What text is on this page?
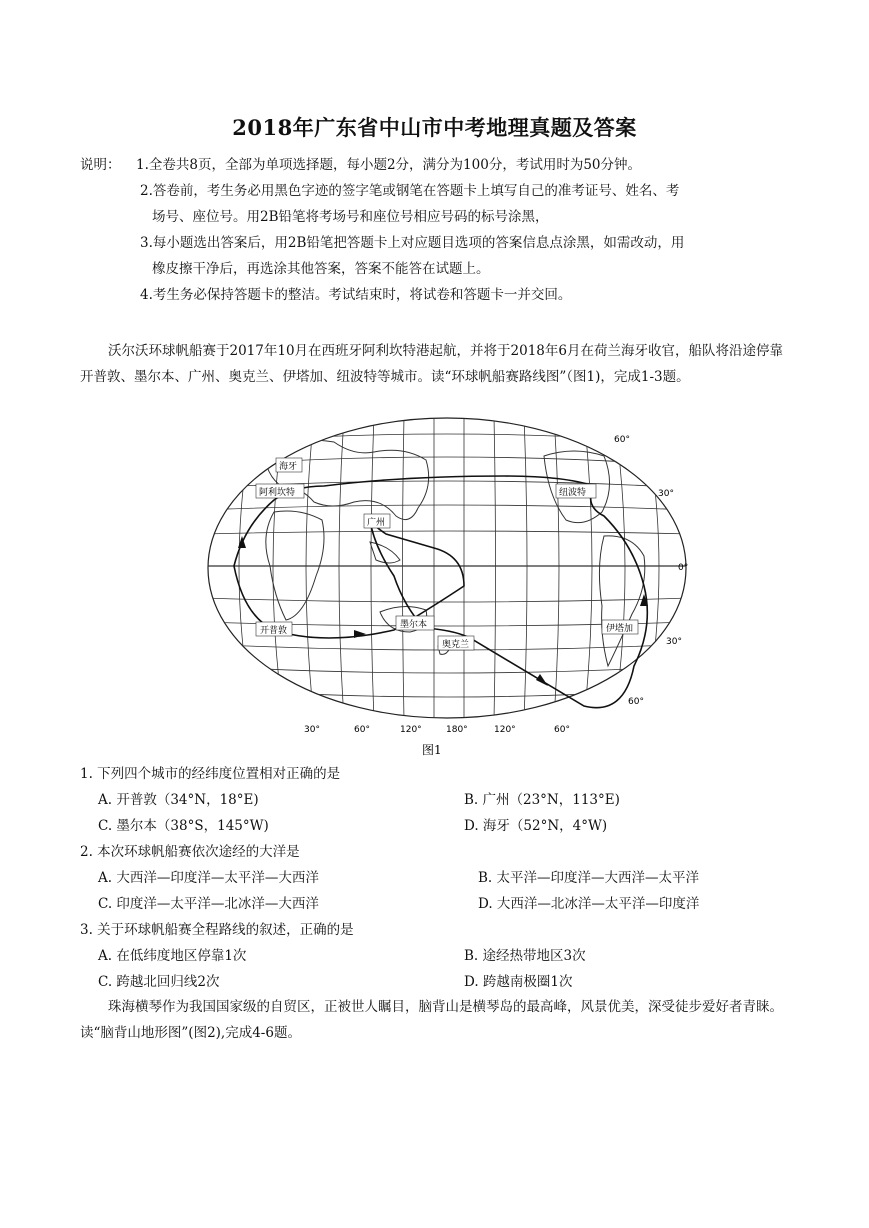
2018年广东省中山市中考地理真题及答案
说明： 1.全卷共8页，全部为单项选择题，每小题2分，满分为100分，考试用时为50分钟。
2.答卷前，考生务必用黑色字迹的签字笔或钢笔在答题卡上填写自己的准考证号、姓名、考
场号、座位号。用2B铅笔将考场号和座位号相应号码的标号涂黑，
3.每小题选出答案后，用2B铅笔把答题卡上对应题目选项的答案信息点涂黑，如需改动，用
橡皮擦干净后，再选涂其他答案，答案不能答在试题上。
4.考生务必保持答题卡的整洁。考试结束时，将试卷和答题卡一并交回。
沃尔沃环球帆船赛于2017年10月在西班牙阿利坎特港起航，并将于2018年6月在荷兰海牙收官，船队将沿途停靠开普敦、墨尔本、广州、奥克兰、伊塔加、纽波特等城市。读“环球帆船赛路线图”（图1)，完成1-3题。
海牙
阿利坎特
广州
纽波特
开普敦
墨尔本
奥克兰
伊塔加
60°
30°
0°
30°
60°
30°	60°	120°	180°	120°	60°
图1
1. 下列四个城市的经纬度位置相对正确的是
A. 开普敦（34°N，18°E)	B. 广州（23°N，113°E)
C. 墨尔本（38°S，145°W)	D. 海牙（52°N，4°W)
2. 本次环球帆船赛依次途经的大洋是
A. 大西洋—印度洋—太平洋—大西洋	B. 太平洋—印度洋—大西洋—太平洋
C. 印度洋—太平洋—北冰洋—大西洋	D. 大西洋—北冰洋—太平洋—印度洋
3. 关于环球帆船赛全程路线的叙述，正确的是
A. 在低纬度地区停靠1次	B. 途经热带地区3次
C. 跨越北回归线2次	D. 跨越南极圈1次
珠海横琴作为我国国家级的自贸区，正被世人瞩目，脑背山是横琴岛的最高峰，风景优美，深受徒步爱好者青睐。读“脑背山地形图”(图2),完成4-6题。
